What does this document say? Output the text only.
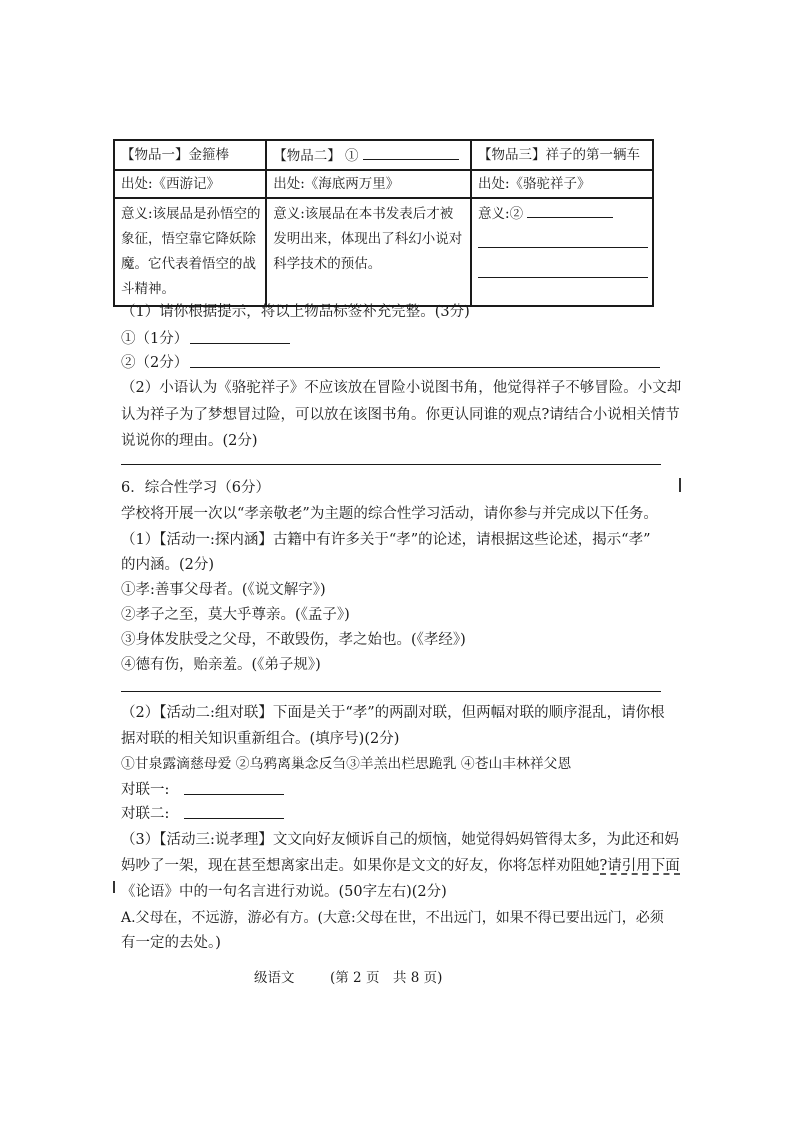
【物品一】金箍棒	【物品二】 ①	【物品三】祥子的第一辆车
出处:《西游记》	出处:《海底两万里》	出处:《骆驼祥子》
意义:该展品是孙悟空的象征，悟空靠它降妖除魔。它代表着悟空的战斗精神。	意义:该展品在本书发表后才被发明出来，体现出了科幻小说对科学技术的预估。	意义:②

（1）请你根据提示，将以上物品标签补充完整。(3分)
①（1分）
②（2分）
（2）小语认为《骆驼祥子》不应该放在冒险小说图书角，他觉得祥子不够冒险。小文却
认为祥子为了梦想冒过险，可以放在该图书角。你更认同谁的观点?请结合小说相关情节
说说你的理由。(2分)
6．综合性学习（6分）
学校将开展一次以“孝亲敬老”为主题的综合性学习活动，请你参与并完成以下任务。
（1）【活动一:探内涵】古籍中有许多关于“孝”的论述，请根据这些论述，揭示“孝”
的内涵。(2分)
①孝:善事父母者。(《说文解字》)
②孝子之至，莫大乎尊亲。(《孟子》)
③身体发肤受之父母，不敢毁伤，孝之始也。(《孝经》)
④德有伤，贻亲羞。(《弟子规》)
（2）【活动二:组对联】下面是关于“孝”的两副对联，但两幅对联的顺序混乱，请你根
据对联的相关知识重新组合。(填序号)(2分)
①甘泉露滴慈母爱 ②乌鸦离巢念反刍③羊羔出栏思跪乳 ④苍山丰林祥父恩
对联一:
对联二:
（3）【活动三:说孝理】文文向好友倾诉自己的烦恼，她觉得妈妈管得太多，为此还和妈
妈吵了一架，现在甚至想离家出走。如果你是文文的好友，你将怎样劝阻她?请引用下面
《论语》中的一句名言进行劝说。(50字左右)(2分)
A.父母在，不远游，游必有方。(大意:父母在世，不出远门，如果不得已要出远门，必须
有一定的去处。)
级语文	(第 2 页　共 8 页)
